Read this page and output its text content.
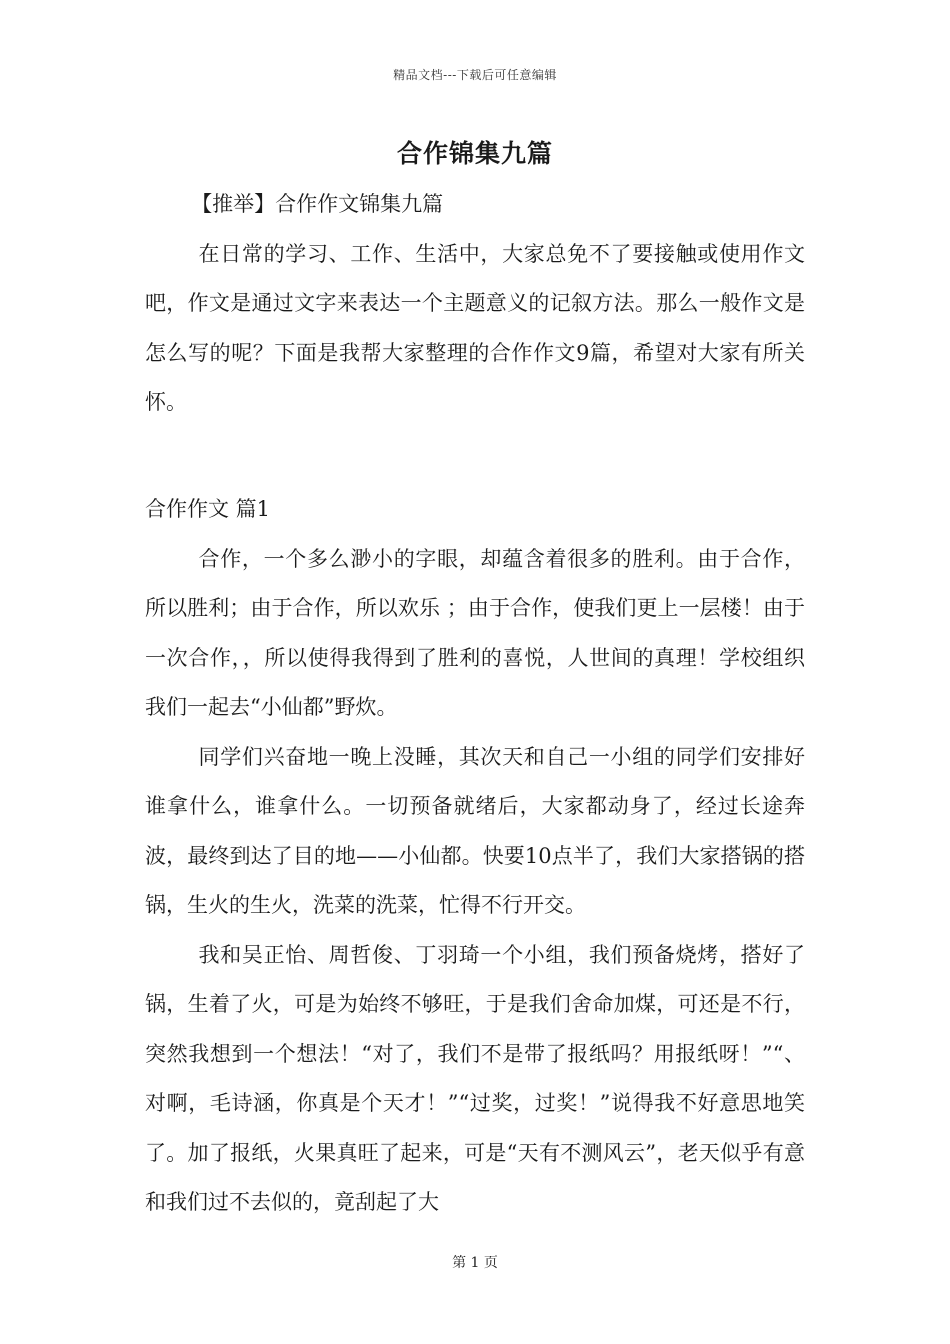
精品文档---下载后可任意编辑
合作锦集九篇

【推举】合作作文锦集九篇

在日常的学习、工作、生活中，大家总免不了要接触或使用作文吧，作文是通过文字来表达一个主题意义的记叙方法。那么一般作文是怎么写的呢？下面是我帮大家整理的合作作文9篇，希望对大家有所关怀。

合作作文 篇1

合作，一个多么渺小的字眼，却蕴含着很多的胜利。由于合作，所以胜利；由于合作，所以欢乐 ；由于合作，使我们更上一层楼！由于一次合作，，所以使得我得到了胜利的喜悦，人世间的真理！学校组织我们一起去“小仙都”野炊。

同学们兴奋地一晚上没睡，其次天和自己一小组的同学们安排好谁拿什么，谁拿什么。一切预备就绪后，大家都动身了，经过长途奔波，最终到达了目的地——小仙都。快要10点半了，我们大家搭锅的搭锅，生火的生火，洗菜的洗菜，忙得不行开交。

我和吴正怡、周哲俊、丁羽琦一个小组，我们预备烧烤，搭好了锅，生着了火，可是为始终不够旺，于是我们舍命加煤，可还是不行，突然我想到一个想法！“对了，我们不是带了报纸吗？用报纸呀！”“、对啊，毛诗涵，你真是个天才！”“过奖，过奖！”说得我不好意思地笑了。加了报纸，火果真旺了起来，可是“天有不测风云”，老天似乎有意和我们过不去似的，竟刮起了大

第 1 页
